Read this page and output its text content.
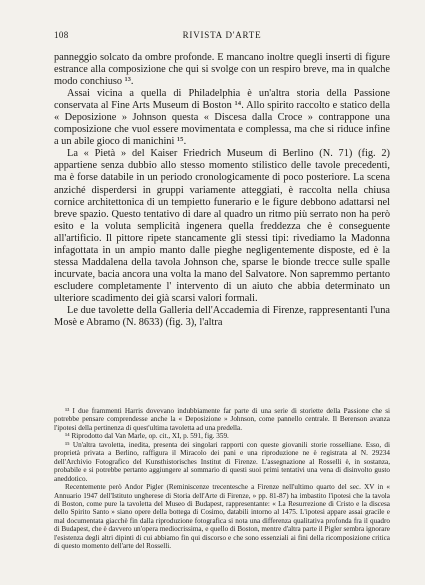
108	RIVISTA D'ARTE

panneggio solcato da ombre profonde. E mancano inoltre quegli inserti di figure estrance alla composizione che qui si svolge con un respiro breve, ma in qualche modo conchiuso ¹³.

Assai vicina a quella di Philadelphia è un'altra storia della Passione conservata al Fine Arts Museum di Boston ¹⁴. Allo spirito raccolto e statico della « Deposizione » Johnson questa « Discesa dalla Croce » contrappone una composizione che vuol essere movimentata e complessa, ma che si riduce infine a un abile gioco di manichini ¹⁵.

La « Pietà » del Kaiser Friedrich Museum di Berlino (N. 71) (fig. 2) appartiene senza dubbio allo stesso momento stilistico delle tavole precedenti, ma è forse databile in un periodo cronologicamente di poco posteriore. La scena anziché disperdersi in gruppi variamente atteggiati, è raccolta nella chiusa cornice architettonica di un tempietto funerario e le figure debbono adattarsi nel breve spazio. Questo tentativo di dare al quadro un ritmo più serrato non ha però esito e la voluta semplicità ingenera quella freddezza che è conseguente all'artificio. Il pittore ripete stancamente gli stessi tipi: rivediamo la Madonna infagottata in un ampio manto dalle pieghe negligentemente disposte, ed è la stessa Maddalena della tavola Johnson che, sparse le bionde trecce sulle spalle incurvate, bacia ancora una volta la mano del Salvatore. Non sapremmo pertanto escludere completamente l' intervento di un aiuto che abbia determinato un ulteriore scadimento dei già scarsi valori formali.

Le due tavolette della Galleria dell'Accademia di Firenze, rappresentanti l'una Mosè e Abramo (N. 8633) (fig. 3), l'altra

¹³ I due frammenti Harris dovevano indubbiamente far parte di una serie di storiette della Passione che si potrebbe pensare comprendesse anche la « Deposizione » Johnson, come pannello centrale. Il Berenson avanza l'ipotesi della pertinenza di quest'ultima tavoletta ad una predella.

¹⁴ Riprodotto dal Van Marle, op. cit., XI, p. 591, fig. 359.

¹⁵ Un'altra tavoletta, inedita, presenta dei singolari rapporti con queste giovanili storie rosselliane. Esso, di proprietà privata a Berlino, raffigura il Miracolo dei pani e una riproduzione ne è registrata al N. 29234 dell'Archivio Fotografico del Kunsthistorisches Institut di Firenze. L'assegnazione al Rosselli è, in sostanza, probabile e si potrebbe pertanto aggiungere al sommario di questi suoi primi tentativi una vena di disinvolto gusto aneddotico.

Recentemente però Andor Pigler (Reminiscenze trecentesche a Firenze nell'ultimo quarto del sec. XV in « Annuario 1947 dell'Istituto ungherese di Storia dell'Arte di Firenze, » pp. 81-87) ha imbastito l'ipotesi che la tavola di Boston, come pure la tavoletta del Museo di Budapest, rappresentante: « La Resurrezione di Cristo e la discesa dello Spirito Santo » siano opere della bottega di Cosimo, databili intorno al 1475. L'ipotesi appare assai gracile e mal documentata giacchè fin dalla riproduzione fotografica si nota una differenza qualitativa profonda fra il quadro di Budapest, che è davvero un'opera mediocrissima, e quello di Boston, mentre d'altra parte il Pigler sembra ignorare l'esistenza degli altri dipinti di cui abbiamo fin qui discorso e che sono essenziali ai fini della ricomposizione critica di questo momento dell'arte del Rosselli.
